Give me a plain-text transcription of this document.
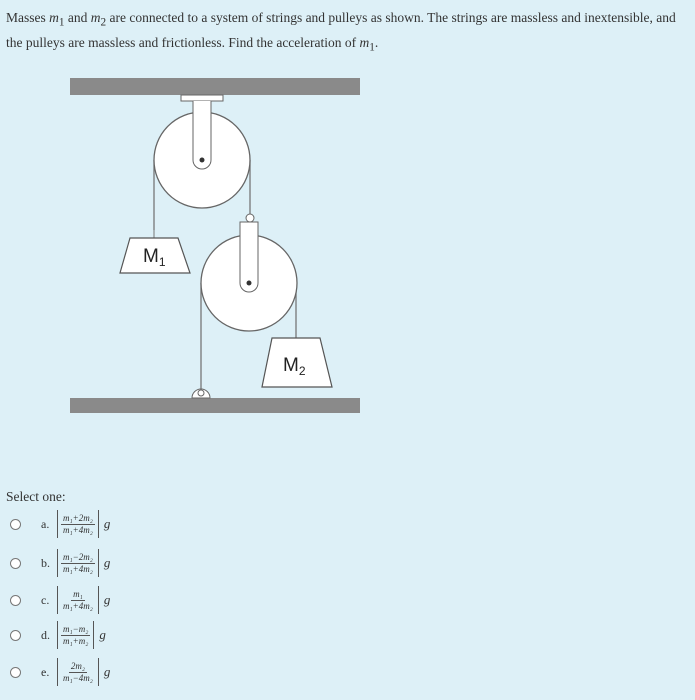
Masses $m_1$ and $m_2$ are connected to a system of strings and pulleys as shown. The strings are massless and inextensible, and the pulleys are massless and frictionless. Find the acceleration of $m_1$.
$M_1$
$M_2$
Select one:
a.	$\frac{\text{m₁+2m₂}}{\text{m₁+4m₂}}$ g
b.	$\frac{\text{m₁−2m₂}}{\text{m₁+4m₂}}$ g
c.	$\frac{\text{m₁}}{\text{m₁+4m₂}}$ g
d.	$\frac{\text{m₁−m₂}}{\text{m₁+m₂}}$ g
e.	$\frac{\text{2m₂}}{\text{m₁−4m₂}}$ g
